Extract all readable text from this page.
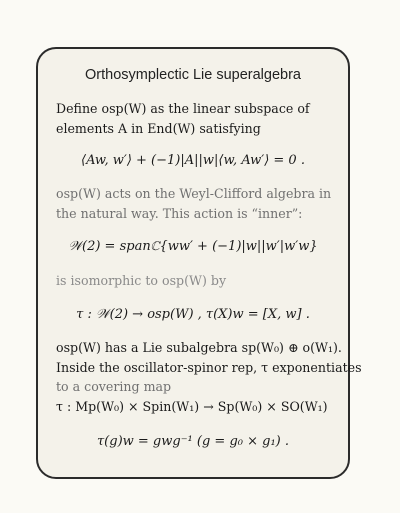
Orthosymplectic Lie superalgebra
Define osp(W) as the linear subspace of
elements A in End(W) satisfying
⟨Aw, w′⟩ + (−1)|A||w|⟨w, Aw′⟩ = 0 .
osp(W) acts on the Weyl-Clifford algebra in
the natural way. This action is “inner”:
𝒲(2) = spanℂ{ww′ + (−1)|w||w′|w′w}
is isomorphic to osp(W) by
τ : 𝒲(2) → osp(W) , τ(X)w = [X, w] .
osp(W) has a Lie subalgebra sp(W₀) ⊕ o(W₁).
Inside the oscillator-spinor rep, τ exponentiates
to a covering map
τ : Mp(W₀) × Spin(W₁) → Sp(W₀) × SO(W₁)
τ(g)w = gwg⁻¹ (g = g₀ × g₁) .
